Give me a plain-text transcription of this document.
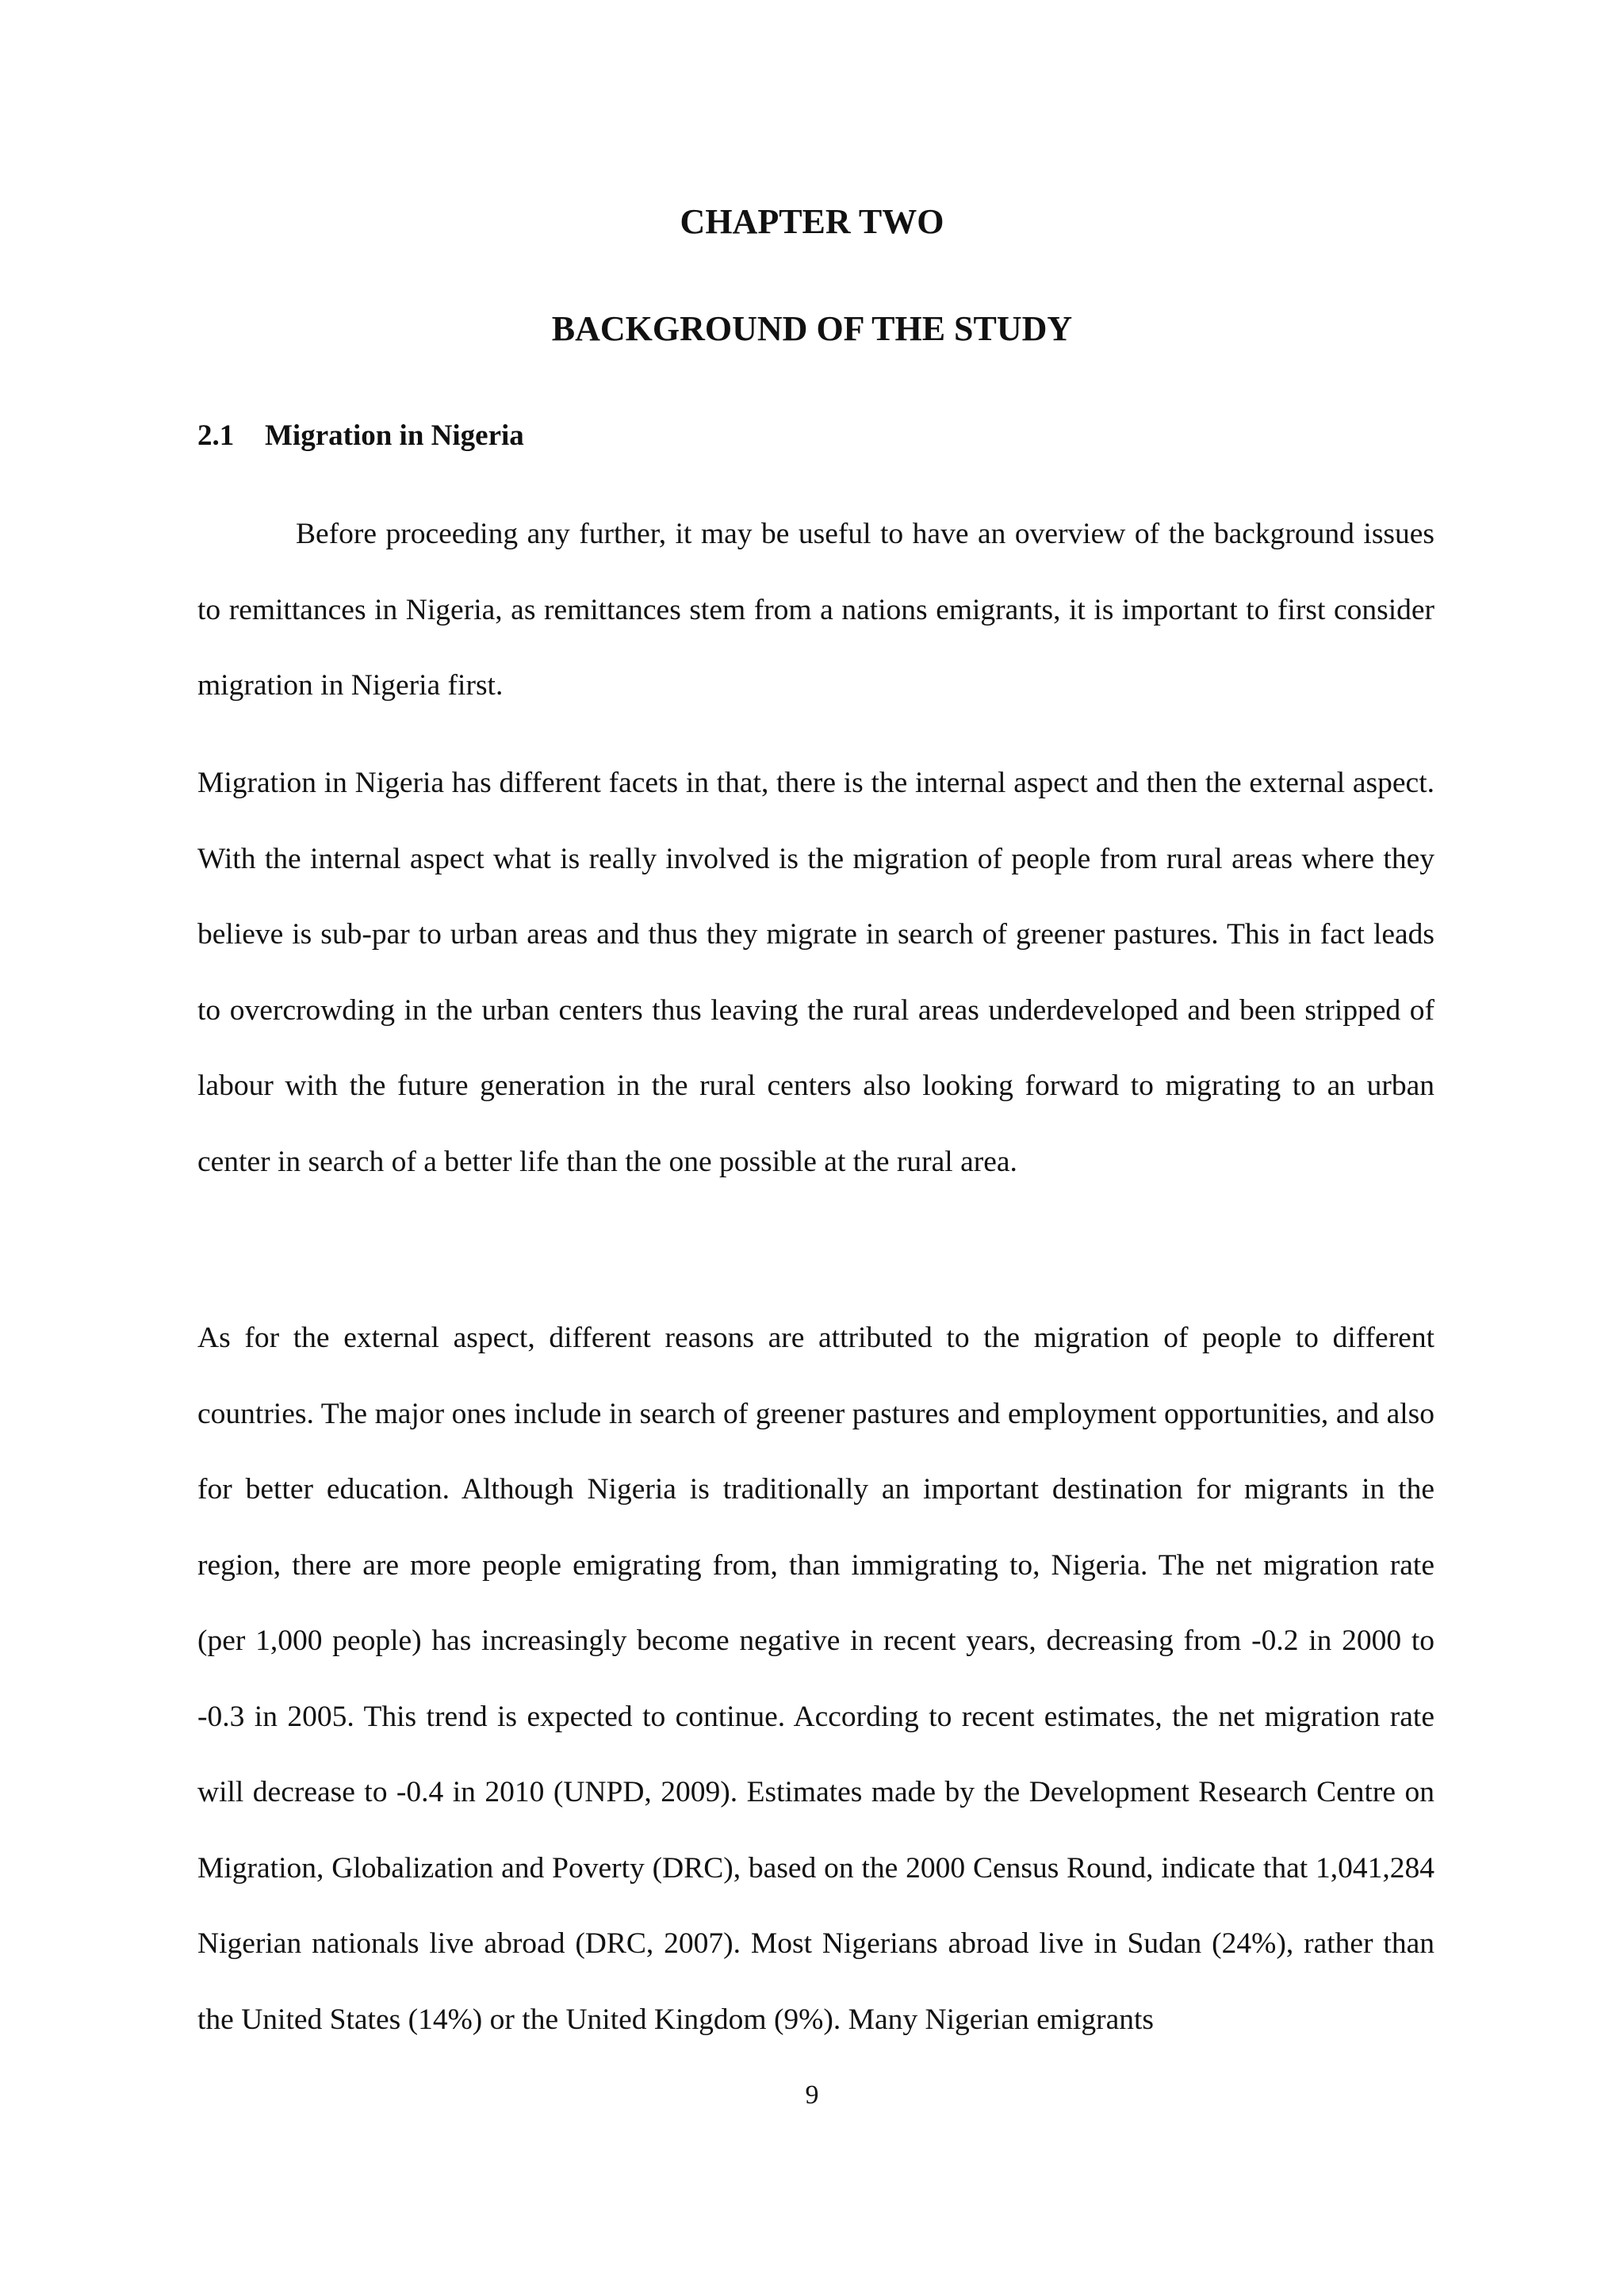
CHAPTER TWO
BACKGROUND OF THE STUDY
2.1 Migration in Nigeria

Before proceeding any further, it may be useful to have an overview of the background issues to remittances in Nigeria, as remittances stem from a nations emigrants, it is important to first consider migration in Nigeria first.

Migration in Nigeria has different facets in that, there is the internal aspect and then the external aspect. With the internal aspect what is really involved is the migration of people from rural areas where they believe is sub-par to urban areas and thus they migrate in search of greener pastures. This in fact leads to overcrowding in the urban centers thus leaving the rural areas underdeveloped and been stripped of labour with the future generation in the rural centers also looking forward to migrating to an urban center in search of a better life than the one possible at the rural area.

As for the external aspect, different reasons are attributed to the migration of people to different countries. The major ones include in search of greener pastures and employment opportunities, and also for better education. Although Nigeria is traditionally an important destination for migrants in the region, there are more people emigrating from, than immigrating to, Nigeria. The net migration rate (per 1,000 people) has increasingly become negative in recent years, decreasing from -0.2 in 2000 to -0.3 in 2005. This trend is expected to continue. According to recent estimates, the net migration rate will decrease to -0.4 in 2010 (UNPD, 2009). Estimates made by the Development Research Centre on Migration, Globalization and Poverty (DRC), based on the 2000 Census Round, indicate that 1,041,284 Nigerian nationals live abroad (DRC, 2007). Most Nigerians abroad live in Sudan (24%), rather than the United States (14%) or the United Kingdom (9%). Many Nigerian emigrants

9
